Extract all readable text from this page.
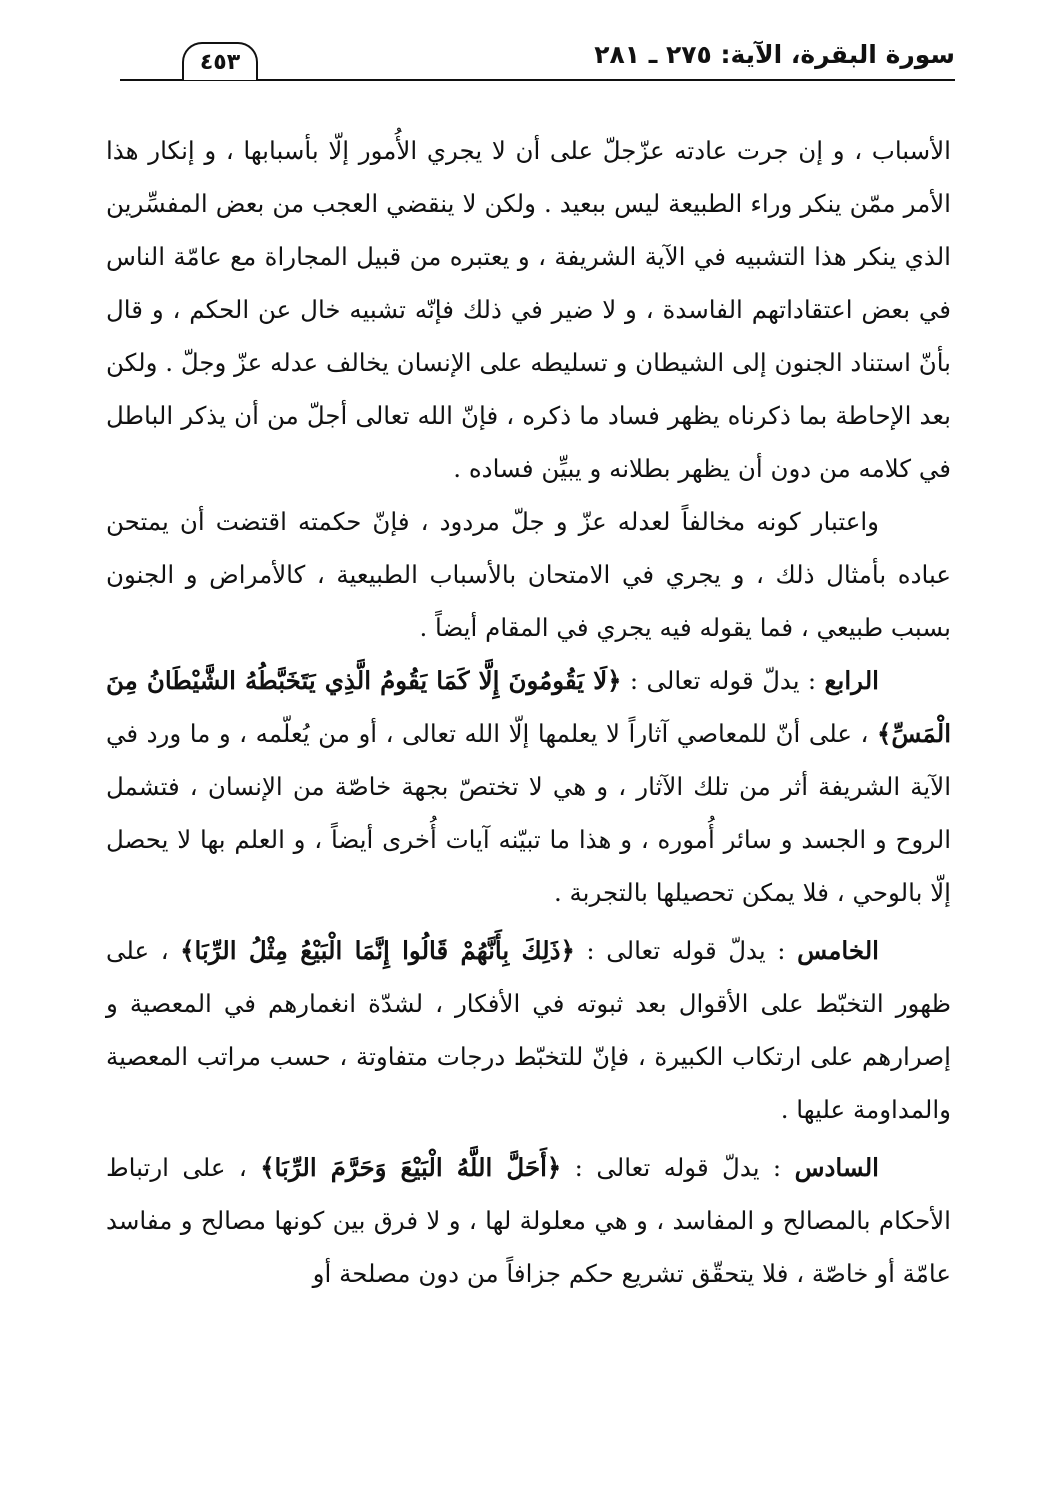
سورة البقرة، الآية: ٢٧٥ ـ ٢٨١
٤٥٣

الأسباب ، و إن جرت عادته عزّجلّ على أن لا يجري الأُمور إلّا بأسبابها ، و إنكار هذا الأمر ممّن ينكر وراء الطبيعة ليس ببعيد . ولكن لا ينقضي العجب من بعض المفسِّرين الذي ينكر هذا التشبيه في الآية الشريفة ، و يعتبره من قبيل المجاراة مع عامّة الناس في بعض اعتقاداتهم الفاسدة ، و لا ضير في ذلك فإنّه تشبيه خال عن الحكم ، و قال بأنّ استناد الجنون إلى الشيطان و تسليطه على الإنسان يخالف عدله عزّ وجلّ . ولكن بعد الإحاطة بما ذكرناه يظهر فساد ما ذكره ، فإنّ الله تعالى أجلّ من أن يذكر الباطل في كلامه من دون أن يظهر بطلانه و يبيِّن فساده .

واعتبار كونه مخالفاً لعدله عزّ و جلّ مردود ، فإنّ حكمته اقتضت أن يمتحن عباده بأمثال ذلك ، و يجري في الامتحان بالأسباب الطبيعية ، كالأمراض و الجنون بسبب طبيعي ، فما يقوله فيه يجري في المقام أيضاً .

الرابع : يدلّ قوله تعالى : ﴿لَا يَقُومُونَ إِلَّا كَمَا يَقُومُ الَّذِي يَتَخَبَّطُهُ الشَّيْطَانُ مِنَ الْمَسِّ﴾ ، على أنّ للمعاصي آثاراً لا يعلمها إلّا الله تعالى ، أو من يُعلّمه ، و ما ورد في الآية الشريفة أثر من تلك الآثار ، و هي لا تختصّ بجهة خاصّة من الإنسان ، فتشمل الروح و الجسد و سائر أُموره ، و هذا ما تبيّنه آيات أُخرى أيضاً ، و العلم بها لا يحصل إلّا بالوحي ، فلا يمكن تحصيلها بالتجربة .

الخامس : يدلّ قوله تعالى : ﴿ذَلِكَ بِأَنَّهُمْ قَالُوا إِنَّمَا الْبَيْعُ مِثْلُ الرِّبَا﴾ ، على ظهور التخبّط على الأقوال بعد ثبوته في الأفكار ، لشدّة انغمارهم في المعصية و إصرارهم على ارتكاب الكبيرة ، فإنّ للتخبّط درجات متفاوتة ، حسب مراتب المعصية والمداومة عليها .

السادس : يدلّ قوله تعالى : ﴿أَحَلَّ اللَّهُ الْبَيْعَ وَحَرَّمَ الرِّبَا﴾ ، على ارتباط الأحكام بالمصالح و المفاسد ، و هي معلولة لها ، و لا فرق بين كونها مصالح و مفاسد عامّة أو خاصّة ، فلا يتحقّق تشريع حكم جزافاً من دون مصلحة أو
